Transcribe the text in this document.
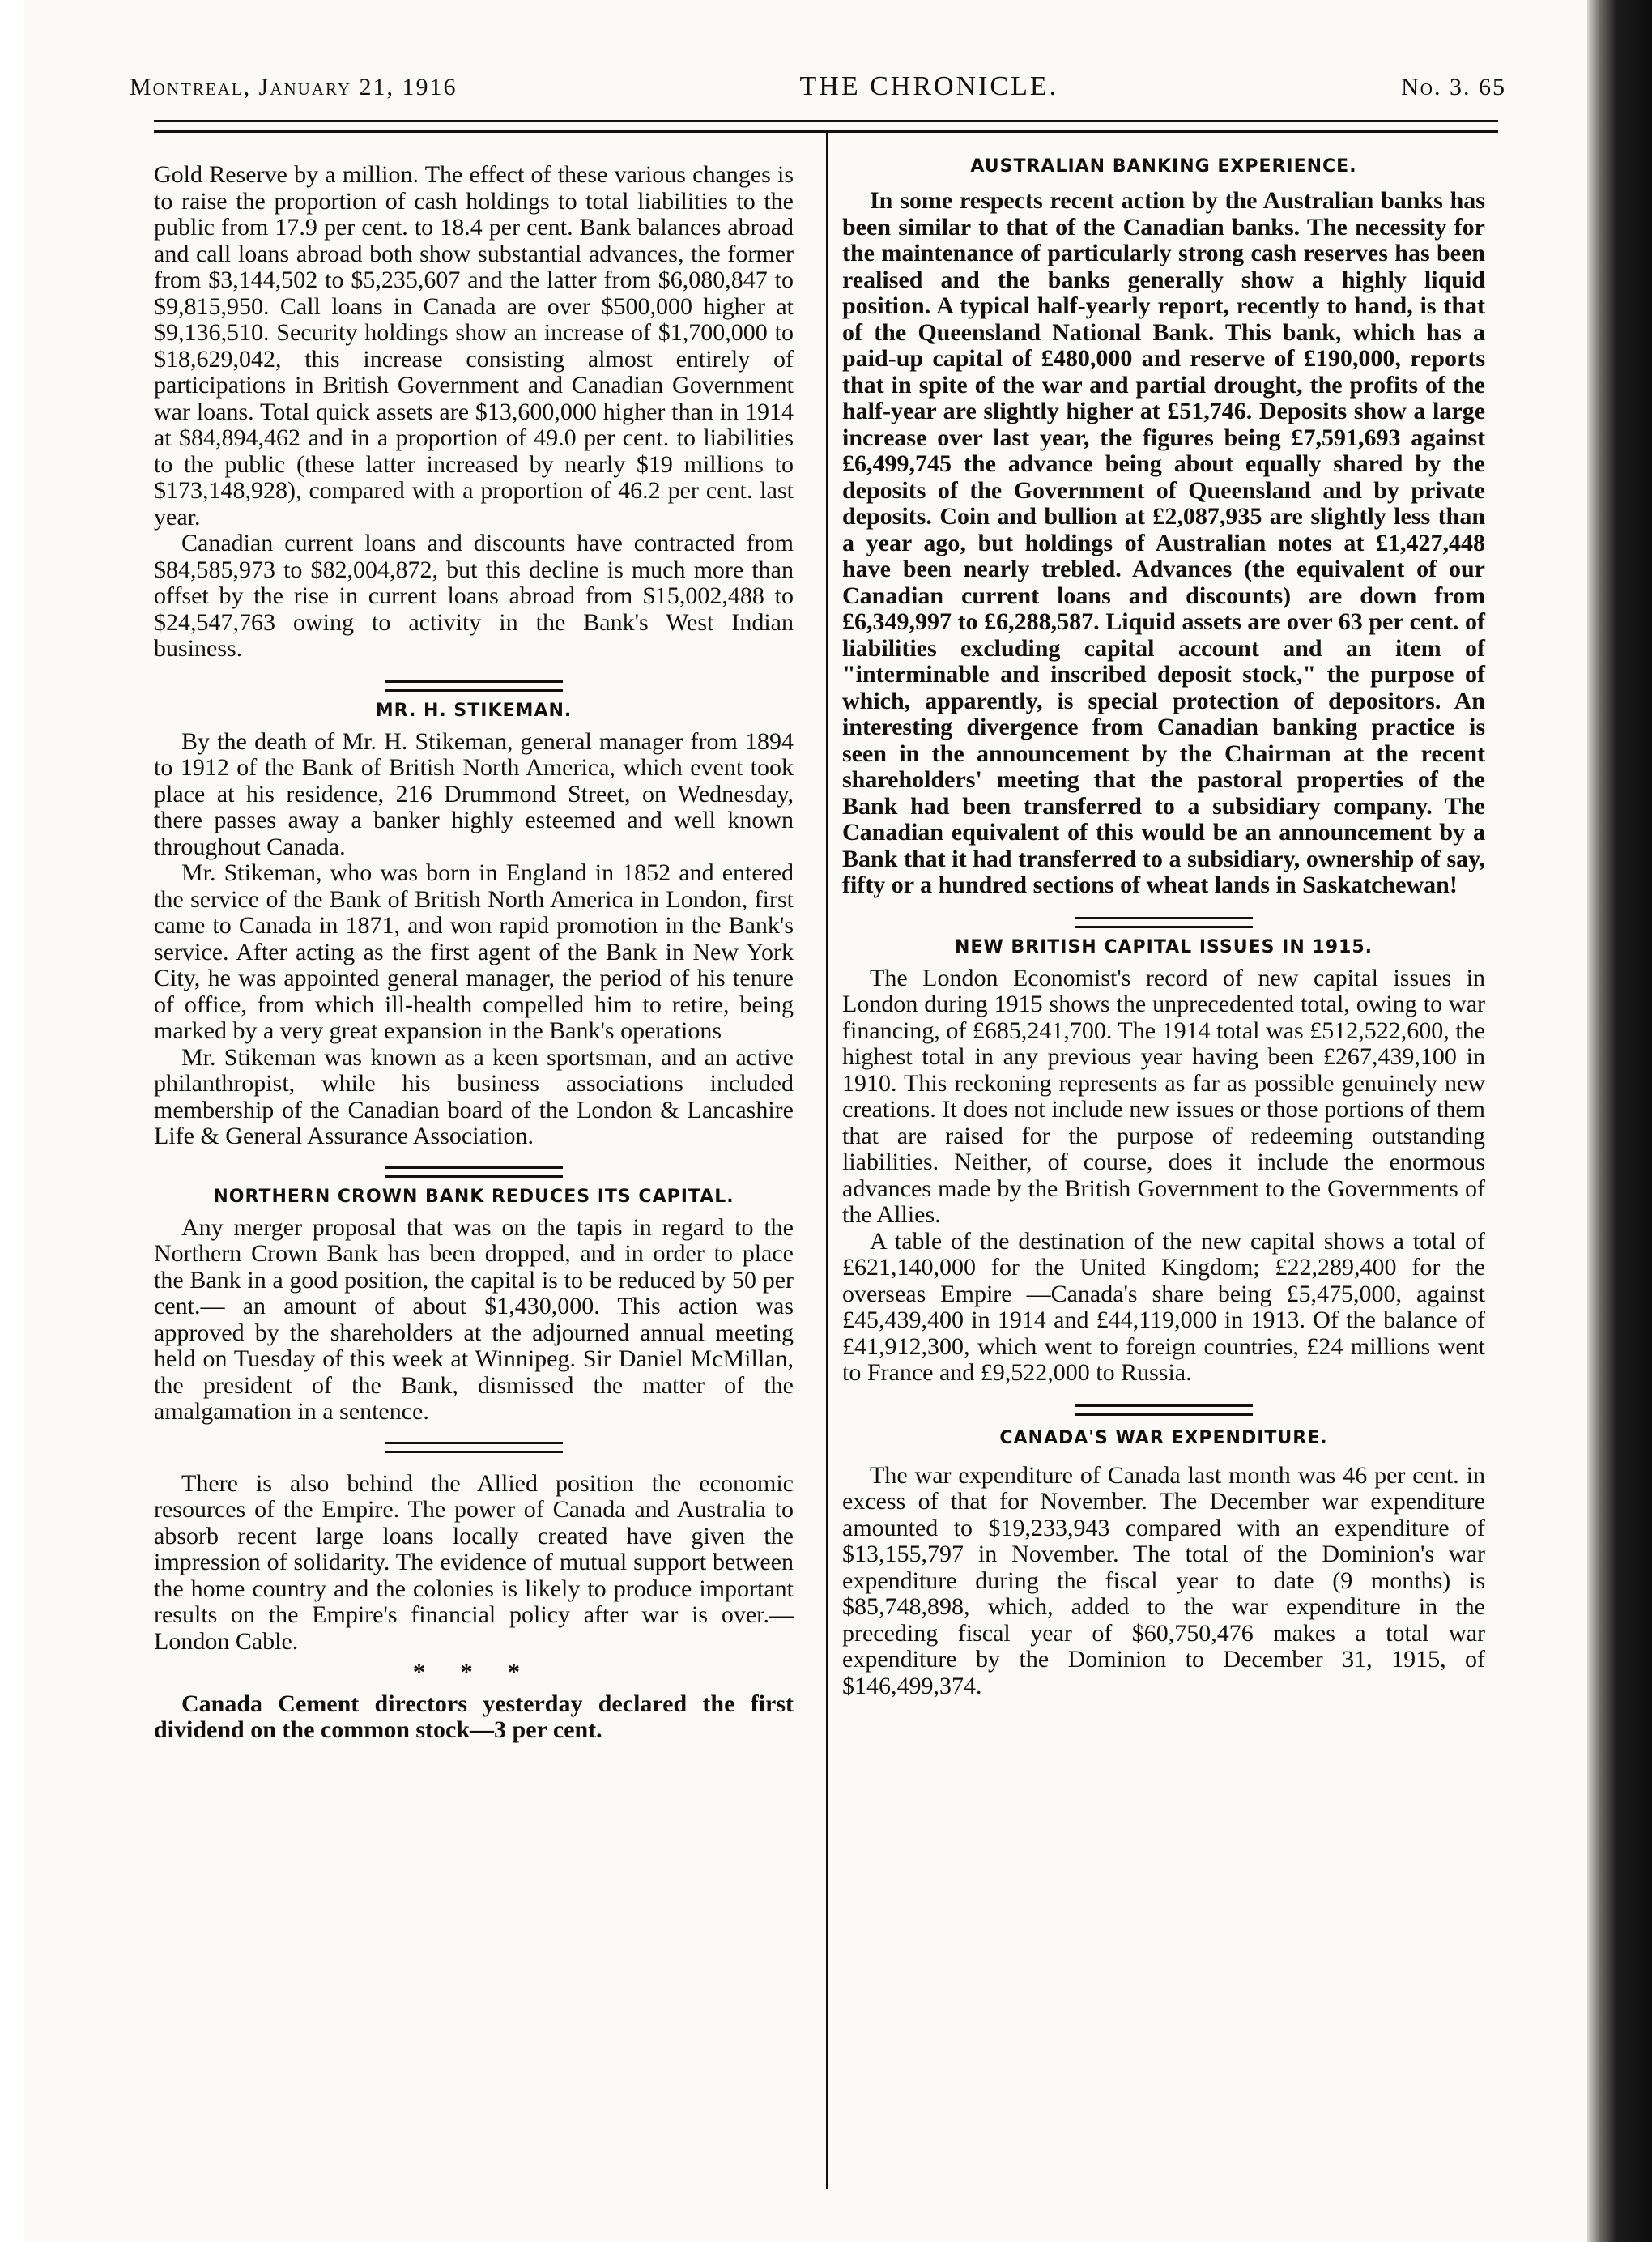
Montreal, January 21, 1916	THE CHRONICLE.	No. 3. 65

Gold Reserve by a million. The effect of these various changes is to raise the proportion of cash holdings to total liabilities to the public from 17.9 per cent. to 18.4 per cent. Bank balances abroad and call loans abroad both show substantial advances, the former from $3,144,502 to $5,235,607 and the latter from $6,080,847 to $9,815,950. Call loans in Canada are over $500,000 higher at $9,136,510. Security holdings show an increase of $1,700,000 to $18,629,042, this increase consisting almost entirely of participations in British Government and Canadian Government war loans. Total quick assets are $13,600,000 higher than in 1914 at $84,894,462 and in a proportion of 49.0 per cent. to liabilities to the public (these latter increased by nearly $19 millions to $173,148,928), compared with a proportion of 46.2 per cent. last year.

Canadian current loans and discounts have contracted from $84,585,973 to $82,004,872, but this decline is much more than offset by the rise in current loans abroad from $15,002,488 to $24,547,763 owing to activity in the Bank's West Indian business.

MR. H. STIKEMAN.

By the death of Mr. H. Stikeman, general manager from 1894 to 1912 of the Bank of British North America, which event took place at his residence, 216 Drummond Street, on Wednesday, there passes away a banker highly esteemed and well known throughout Canada.

Mr. Stikeman, who was born in England in 1852 and entered the service of the Bank of British North America in London, first came to Canada in 1871, and won rapid promotion in the Bank's service. After acting as the first agent of the Bank in New York City, he was appointed general manager, the period of his tenure of office, from which ill-health compelled him to retire, being marked by a very great expansion in the Bank's operations

Mr. Stikeman was known as a keen sportsman, and an active philanthropist, while his business associations included membership of the Canadian board of the London & Lancashire Life & General Assurance Association.

NORTHERN CROWN BANK REDUCES ITS CAPITAL.

Any merger proposal that was on the tapis in regard to the Northern Crown Bank has been dropped, and in order to place the Bank in a good position, the capital is to be reduced by 50 per cent.— an amount of about $1,430,000. This action was approved by the shareholders at the adjourned annual meeting held on Tuesday of this week at Winnipeg. Sir Daniel McMillan, the president of the Bank, dismissed the matter of the amalgamation in a sentence.

There is also behind the Allied position the economic resources of the Empire. The power of Canada and Australia to absorb recent large loans locally created have given the impression of solidarity. The evidence of mutual support between the home country and the colonies is likely to produce important results on the Empire's financial policy after war is over.—London Cable.

* * *

Canada Cement directors yesterday declared the first dividend on the common stock—3 per cent.

AUSTRALIAN BANKING EXPERIENCE.

In some respects recent action by the Australian banks has been similar to that of the Canadian banks. The necessity for the maintenance of particularly strong cash reserves has been realised and the banks generally show a highly liquid position. A typical half-yearly report, recently to hand, is that of the Queensland National Bank. This bank, which has a paid-up capital of £480,000 and reserve of £190,000, reports that in spite of the war and partial drought, the profits of the half-year are slightly higher at £51,746. Deposits show a large increase over last year, the figures being £7,591,693 against £6,499,745 the advance being about equally shared by the deposits of the Government of Queensland and by private deposits. Coin and bullion at £2,087,935 are slightly less than a year ago, but holdings of Australian notes at £1,427,448 have been nearly trebled. Advances (the equivalent of our Canadian current loans and discounts) are down from £6,349,997 to £6,288,587. Liquid assets are over 63 per cent. of liabilities excluding capital account and an item of "interminable and inscribed deposit stock," the purpose of which, apparently, is special protection of depositors. An interesting divergence from Canadian banking practice is seen in the announcement by the Chairman at the recent shareholders' meeting that the pastoral properties of the Bank had been transferred to a subsidiary company. The Canadian equivalent of this would be an announcement by a Bank that it had transferred to a subsidiary, ownership of say, fifty or a hundred sections of wheat lands in Saskatchewan!

NEW BRITISH CAPITAL ISSUES IN 1915.

The London Economist's record of new capital issues in London during 1915 shows the unprecedented total, owing to war financing, of £685,241,700. The 1914 total was £512,522,600, the highest total in any previous year having been £267,439,100 in 1910. This reckoning represents as far as possible genuinely new creations. It does not include new issues or those portions of them that are raised for the purpose of redeeming outstanding liabilities. Neither, of course, does it include the enormous advances made by the British Government to the Governments of the Allies.

A table of the destination of the new capital shows a total of £621,140,000 for the United Kingdom; £22,289,400 for the overseas Empire —Canada's share being £5,475,000, against £45,439,400 in 1914 and £44,119,000 in 1913. Of the balance of £41,912,300, which went to foreign countries, £24 millions went to France and £9,522,000 to Russia.

CANADA'S WAR EXPENDITURE.

The war expenditure of Canada last month was 46 per cent. in excess of that for November. The December war expenditure amounted to $19,233,943 compared with an expenditure of $13,155,797 in November. The total of the Dominion's war expenditure during the fiscal year to date (9 months) is $85,748,898, which, added to the war expenditure in the preceding fiscal year of $60,750,476 makes a total war expenditure by the Dominion to December 31, 1915, of $146,499,374.
